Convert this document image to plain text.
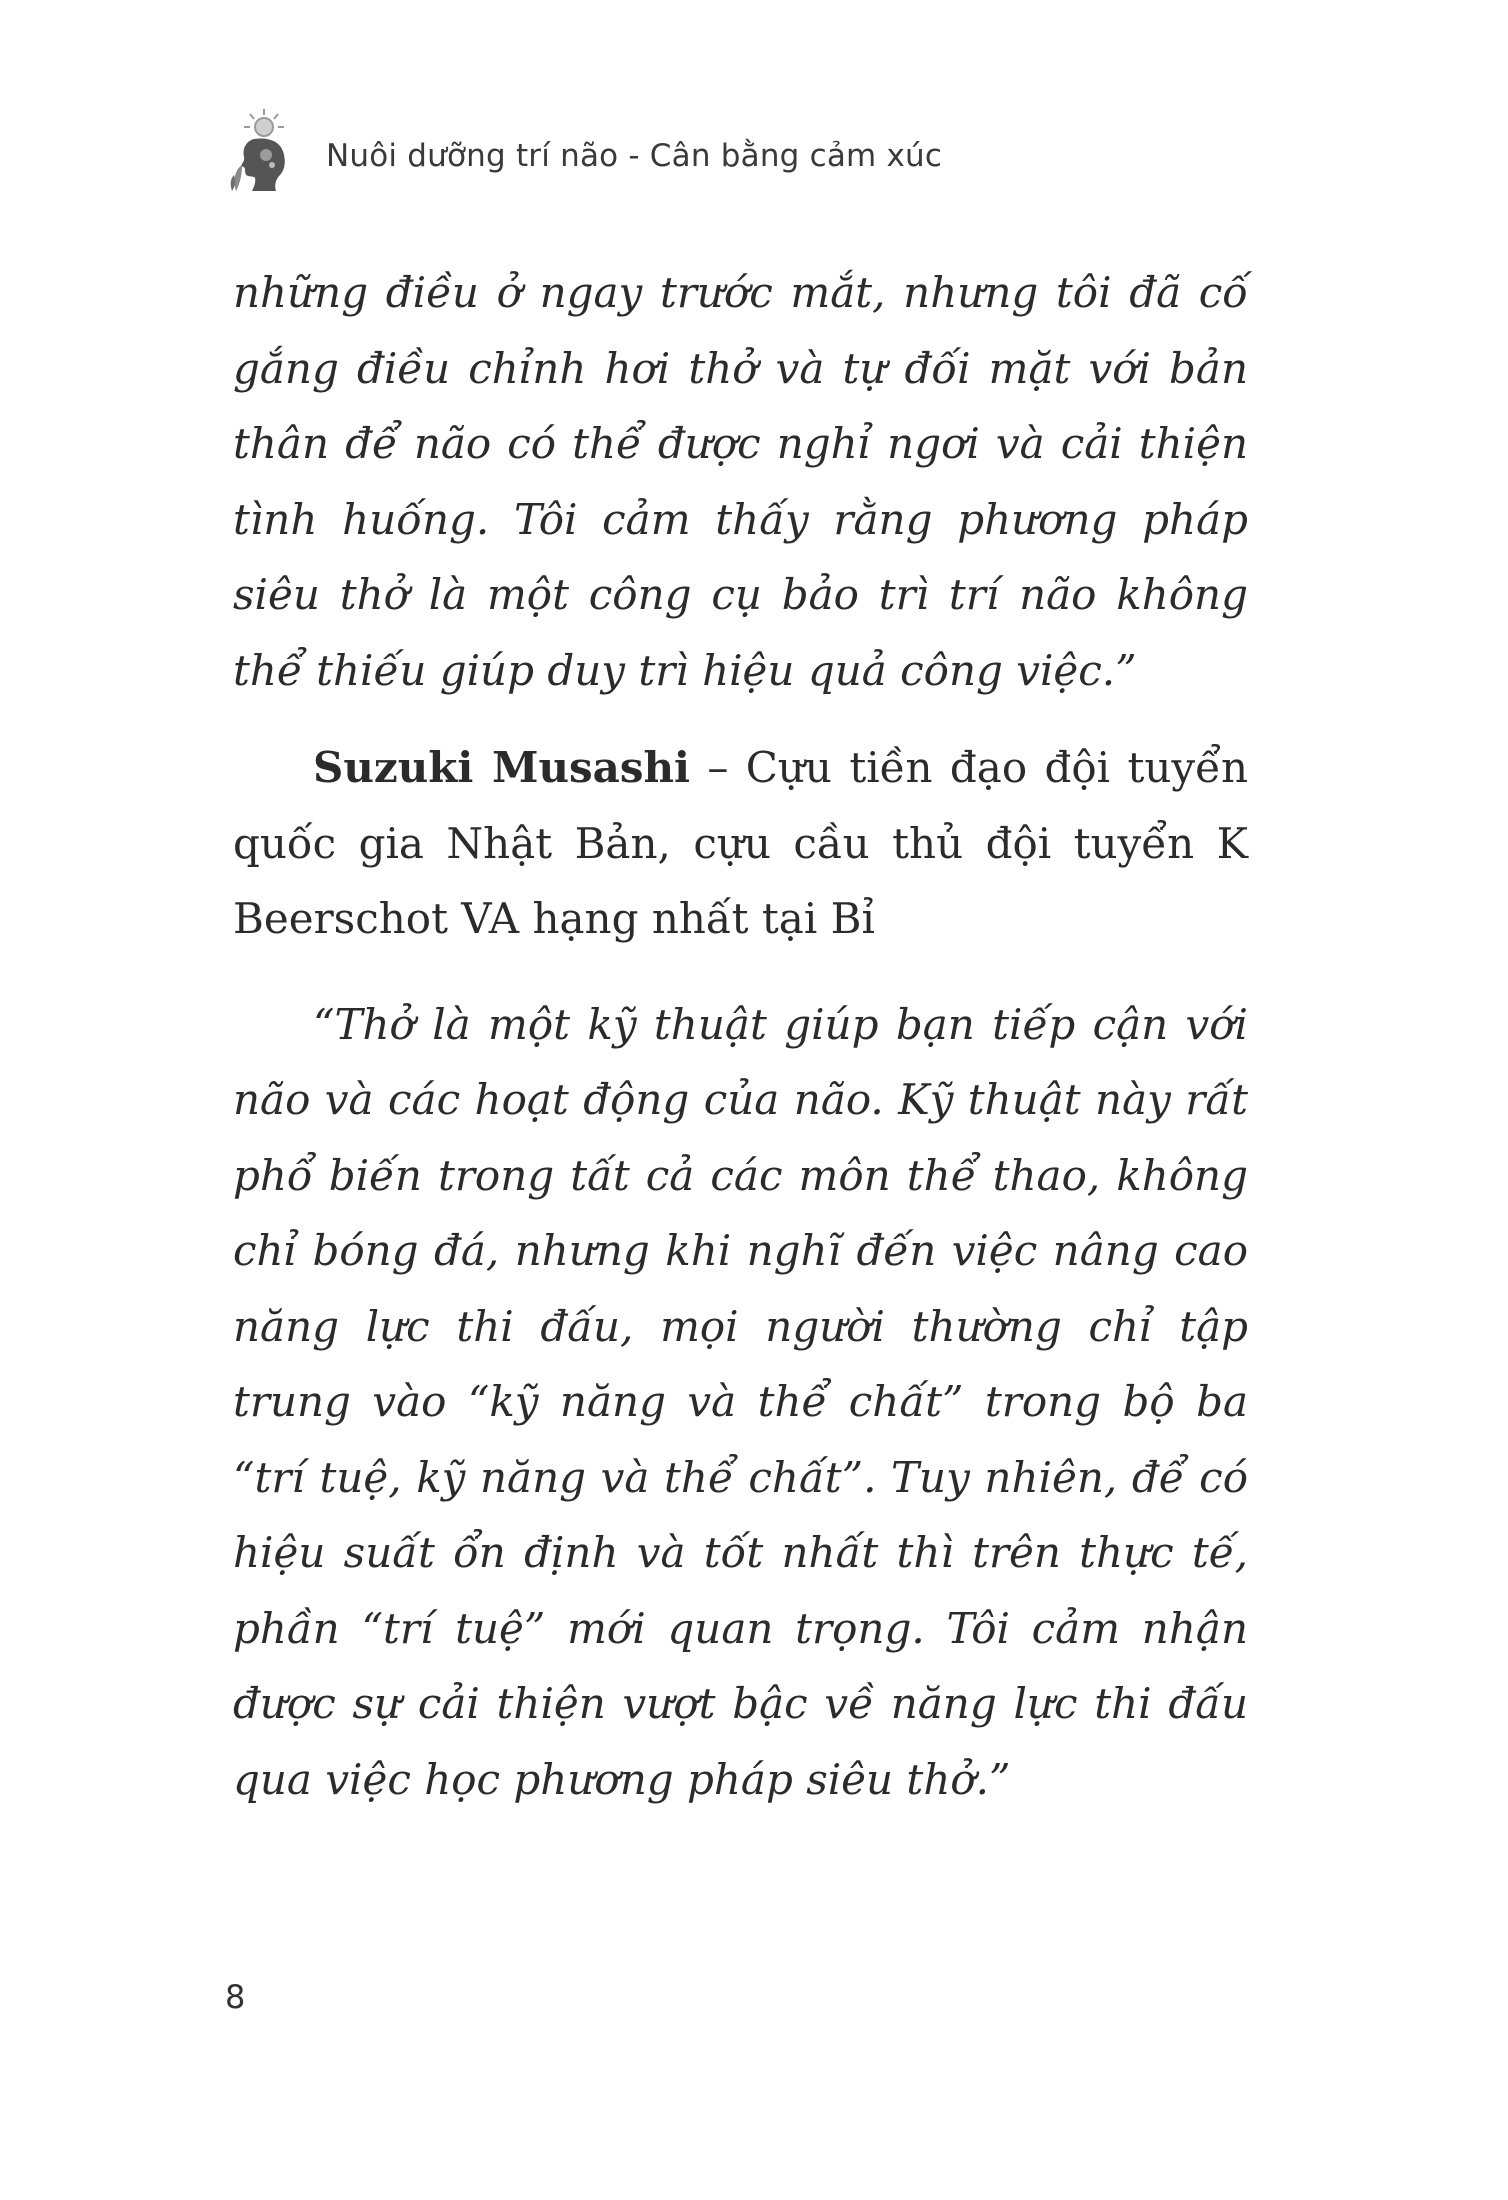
Nuôi dưỡng trí não - Cân bằng cảm xúc

những điều ở ngay trước mắt, nhưng tôi đã cố gắng điều chỉnh hơi thở và tự đối mặt với bản thân để não có thể được nghỉ ngơi và cải thiện tình huống. Tôi cảm thấy rằng phương pháp siêu thở là một công cụ bảo trì trí não không thể thiếu giúp duy trì hiệu quả công việc.”

Suzuki Musashi – Cựu tiền đạo đội tuyển quốc gia Nhật Bản, cựu cầu thủ đội tuyển K Beerschot VA hạng nhất tại Bỉ

“Thở là một kỹ thuật giúp bạn tiếp cận với não và các hoạt động của não. Kỹ thuật này rất phổ biến trong tất cả các môn thể thao, không chỉ bóng đá, nhưng khi nghĩ đến việc nâng cao năng lực thi đấu, mọi người thường chỉ tập trung vào “kỹ năng và thể chất” trong bộ ba “trí tuệ, kỹ năng và thể chất”. Tuy nhiên, để có hiệu suất ổn định và tốt nhất thì trên thực tế, phần “trí tuệ” mới quan trọng. Tôi cảm nhận được sự cải thiện vượt bậc về năng lực thi đấu qua việc học phương pháp siêu thở.”

8
